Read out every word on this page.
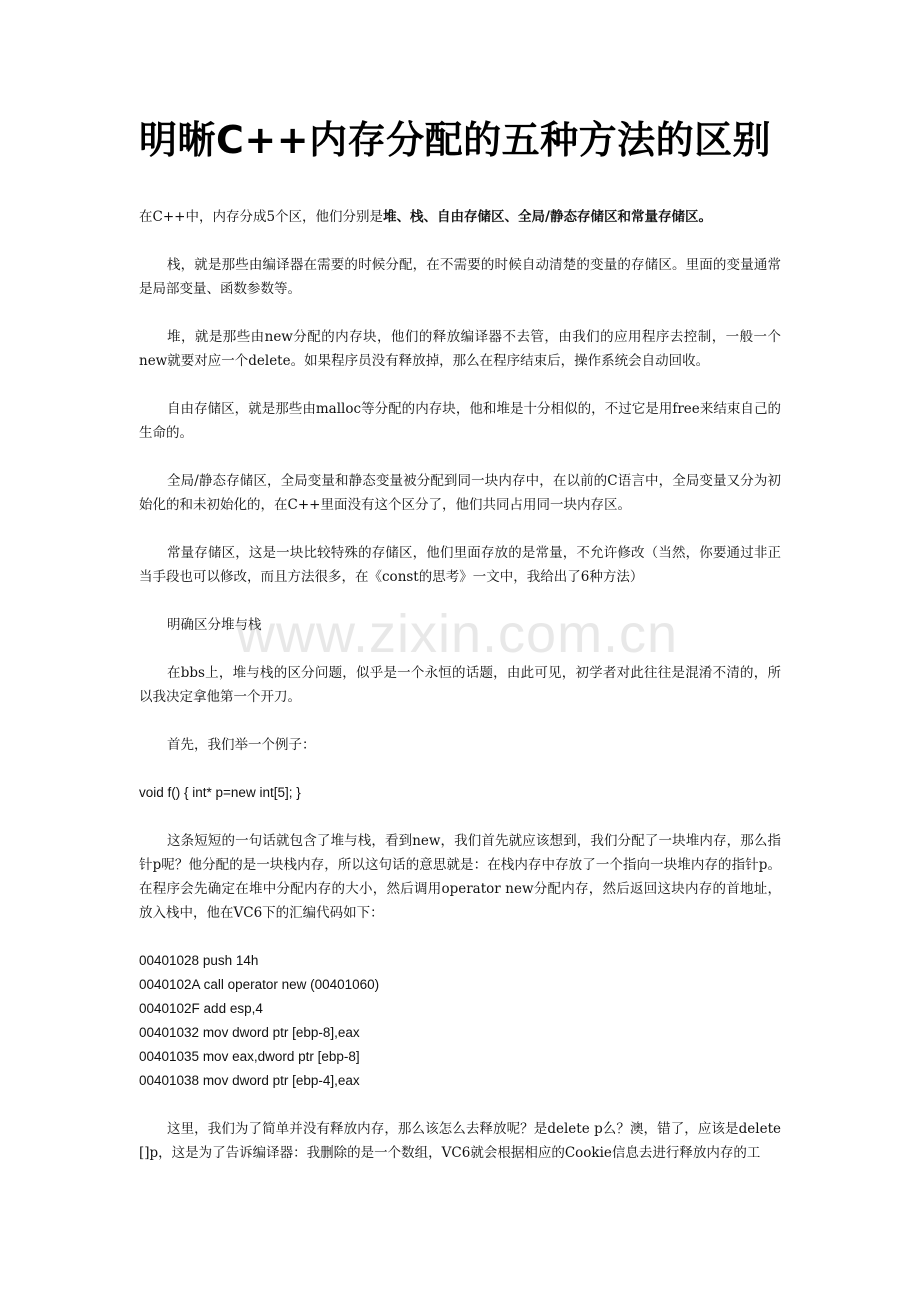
明晰C++内存分配的五种方法的区别

在C++中，内存分成5个区，他们分别是堆、栈、自由存储区、全局/静态存储区和常量存储区。

栈，就是那些由编译器在需要的时候分配，在不需要的时候自动清楚的变量的存储区。里面的变量通常是局部变量、函数参数等。

堆，就是那些由new分配的内存块，他们的释放编译器不去管，由我们的应用程序去控制，一般一个new就要对应一个delete。如果程序员没有释放掉，那么在程序结束后，操作系统会自动回收。

自由存储区，就是那些由malloc等分配的内存块，他和堆是十分相似的，不过它是用free来结束自己的生命的。

全局/静态存储区，全局变量和静态变量被分配到同一块内存中，在以前的C语言中，全局变量又分为初始化的和未初始化的，在C++里面没有这个区分了，他们共同占用同一块内存区。

常量存储区，这是一块比较特殊的存储区，他们里面存放的是常量，不允许修改（当然，你要通过非正当手段也可以修改，而且方法很多，在《const的思考》一文中，我给出了6种方法）

明确区分堆与栈

在bbs上，堆与栈的区分问题，似乎是一个永恒的话题，由此可见，初学者对此往往是混淆不清的，所以我决定拿他第一个开刀。

首先，我们举一个例子：

void f() { int* p=new int[5]; }

这条短短的一句话就包含了堆与栈，看到new，我们首先就应该想到，我们分配了一块堆内存，那么指针p呢？他分配的是一块栈内存，所以这句话的意思就是：在栈内存中存放了一个指向一块堆内存的指针p。在程序会先确定在堆中分配内存的大小，然后调用operator new分配内存，然后返回这块内存的首地址，放入栈中，他在VC6下的汇编代码如下：

00401028 push 14h
0040102A call operator new (00401060)
0040102F add esp,4
00401032 mov dword ptr [ebp-8],eax
00401035 mov eax,dword ptr [ebp-8]
00401038 mov dword ptr [ebp-4],eax

这里，我们为了简单并没有释放内存，那么该怎么去释放呢？是delete p么？澳，错了，应该是delete []p，这是为了告诉编译器：我删除的是一个数组，VC6就会根据相应的Cookie信息去进行释放内存的工

www.zixin.com.cn
